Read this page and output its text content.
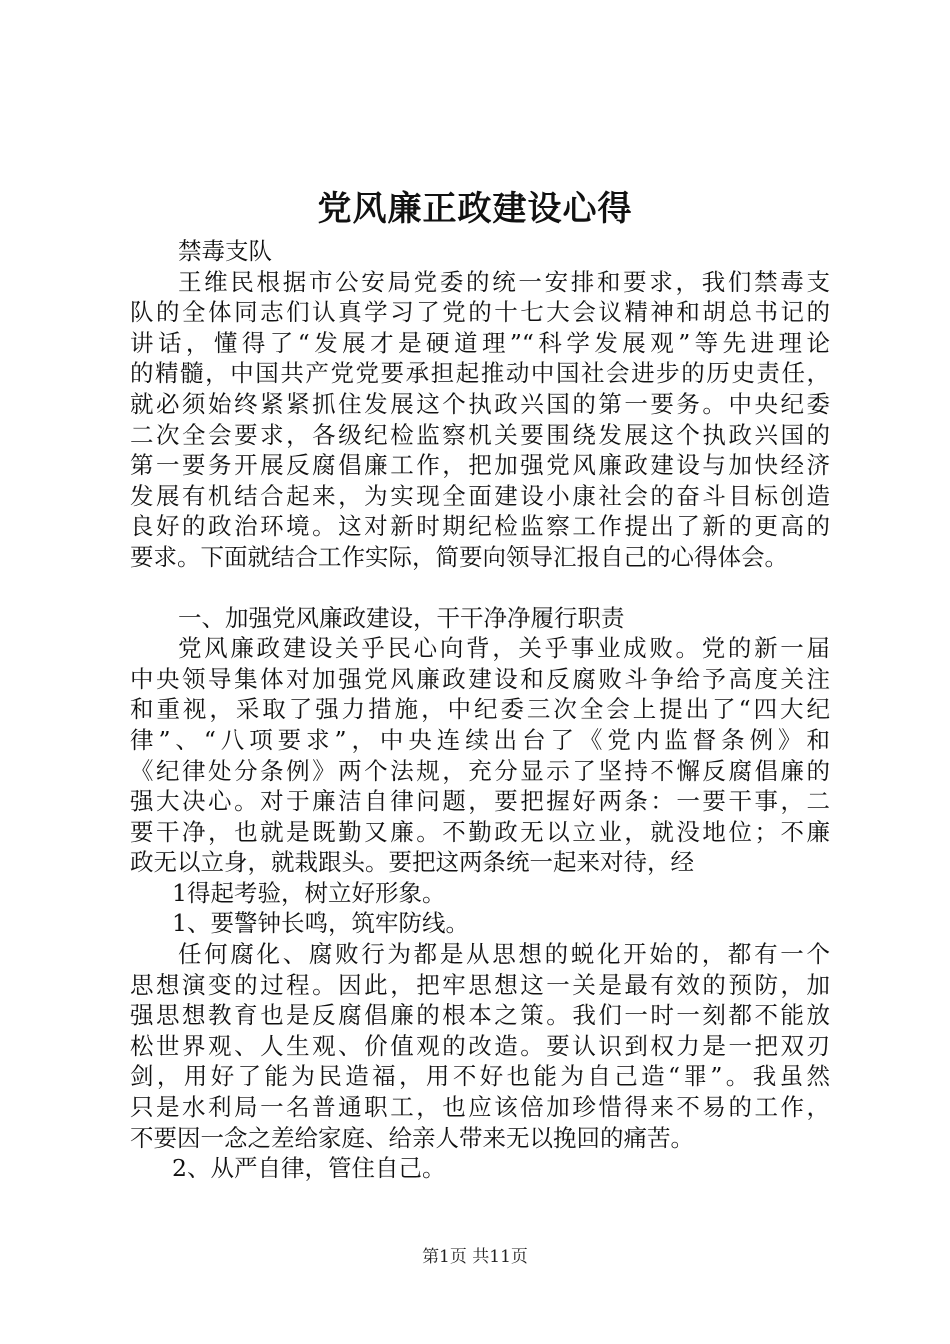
党风廉正政建设心得
禁毒支队
王维民根据市公安局党委的统一安排和要求，我们禁毒支
队的全体同志们认真学习了党的十七大会议精神和胡总书记的
讲话，懂得了“发展才是硬道理”“科学发展观”等先进理论
的精髓，中国共产党党要承担起推动中国社会进步的历史责任，
就必须始终紧紧抓住发展这个执政兴国的第一要务。中央纪委
二次全会要求，各级纪检监察机关要围绕发展这个执政兴国的
第一要务开展反腐倡廉工作，把加强党风廉政建设与加快经济
发展有机结合起来，为实现全面建设小康社会的奋斗目标创造
良好的政治环境。这对新时期纪检监察工作提出了新的更高的
要求。下面就结合工作实际，简要向领导汇报自己的心得体会。
一、加强党风廉政建设，干干净净履行职责
党风廉政建设关乎民心向背，关乎事业成败。党的新一届
中央领导集体对加强党风廉政建设和反腐败斗争给予高度关注
和重视，采取了强力措施，中纪委三次全会上提出了“四大纪
律”、“八项要求”，中央连续出台了《党内监督条例》和
《纪律处分条例》两个法规，充分显示了坚持不懈反腐倡廉的
强大决心。对于廉洁自律问题，要把握好两条：一要干事，二
要干净，也就是既勤又廉。不勤政无以立业，就没地位；不廉
政无以立身，就栽跟头。要把这两条统一起来对待，经
1得起考验，树立好形象。
1、要警钟长鸣，筑牢防线。
任何腐化、腐败行为都是从思想的蜕化开始的，都有一个
思想演变的过程。因此，把牢思想这一关是最有效的预防，加
强思想教育也是反腐倡廉的根本之策。我们一时一刻都不能放
松世界观、人生观、价值观的改造。要认识到权力是一把双刃
剑，用好了能为民造福，用不好也能为自己造“罪”。我虽然
只是水利局一名普通职工，也应该倍加珍惜得来不易的工作，
不要因一念之差给家庭、给亲人带来无以挽回的痛苦。
2、从严自律，管住自己。
第1页 共11页
